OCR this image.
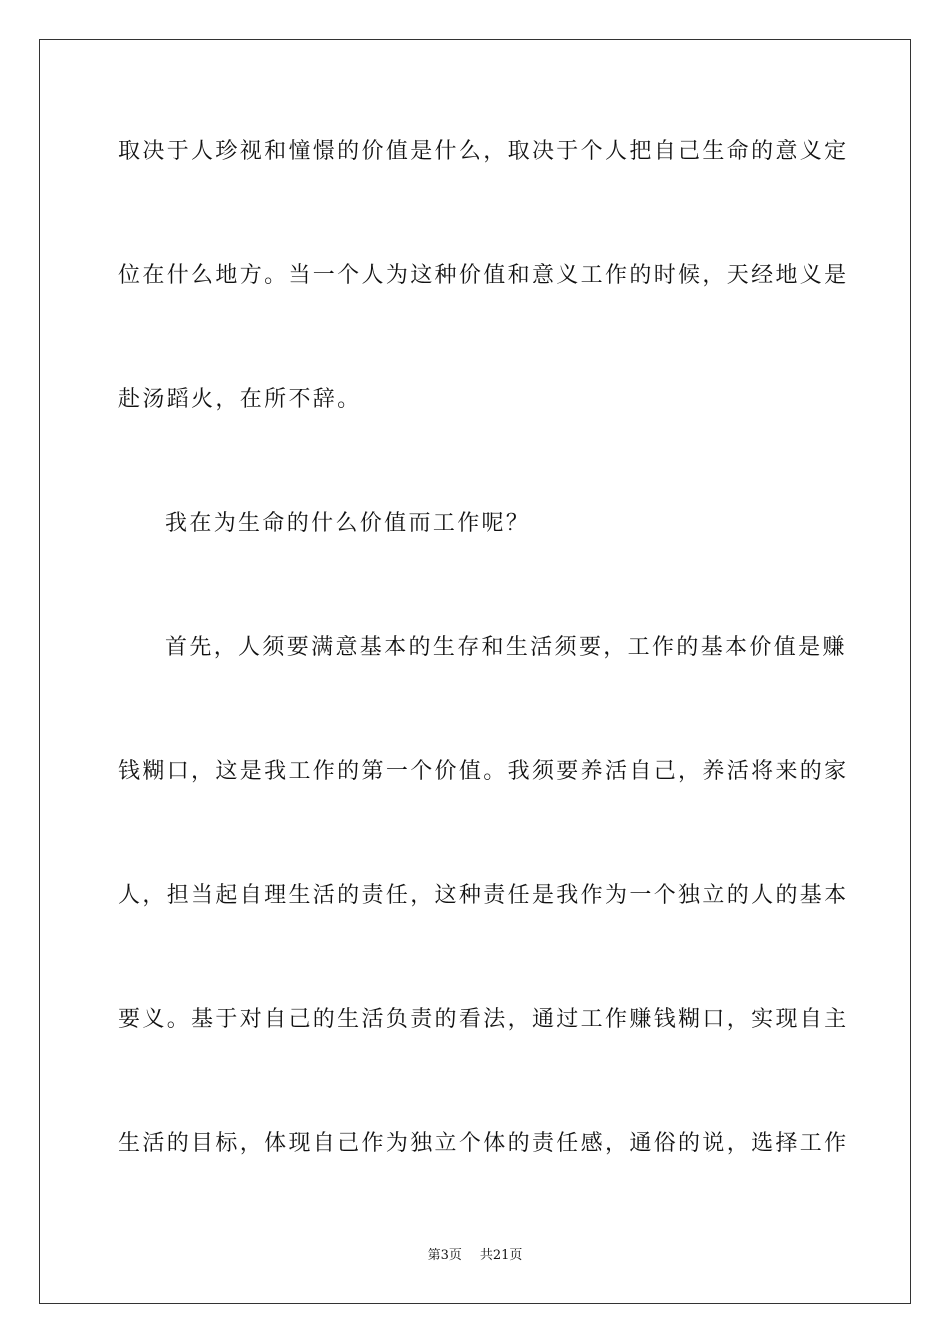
取决于人珍视和憧憬的价值是什么，取决于个人把自己生命的意义定
位在什么地方。当一个人为这种价值和意义工作的时候，天经地义是
赴汤蹈火，在所不辞。
我在为生命的什么价值而工作呢？
首先，人须要满意基本的生存和生活须要，工作的基本价值是赚
钱糊口，这是我工作的第一个价值。我须要养活自己，养活将来的家
人，担当起自理生活的责任，这种责任是我作为一个独立的人的基本
要义。基于对自己的生活负责的看法，通过工作赚钱糊口，实现自主
生活的目标，体现自己作为独立个体的责任感，通俗的说，选择工作
第3页 共21页
